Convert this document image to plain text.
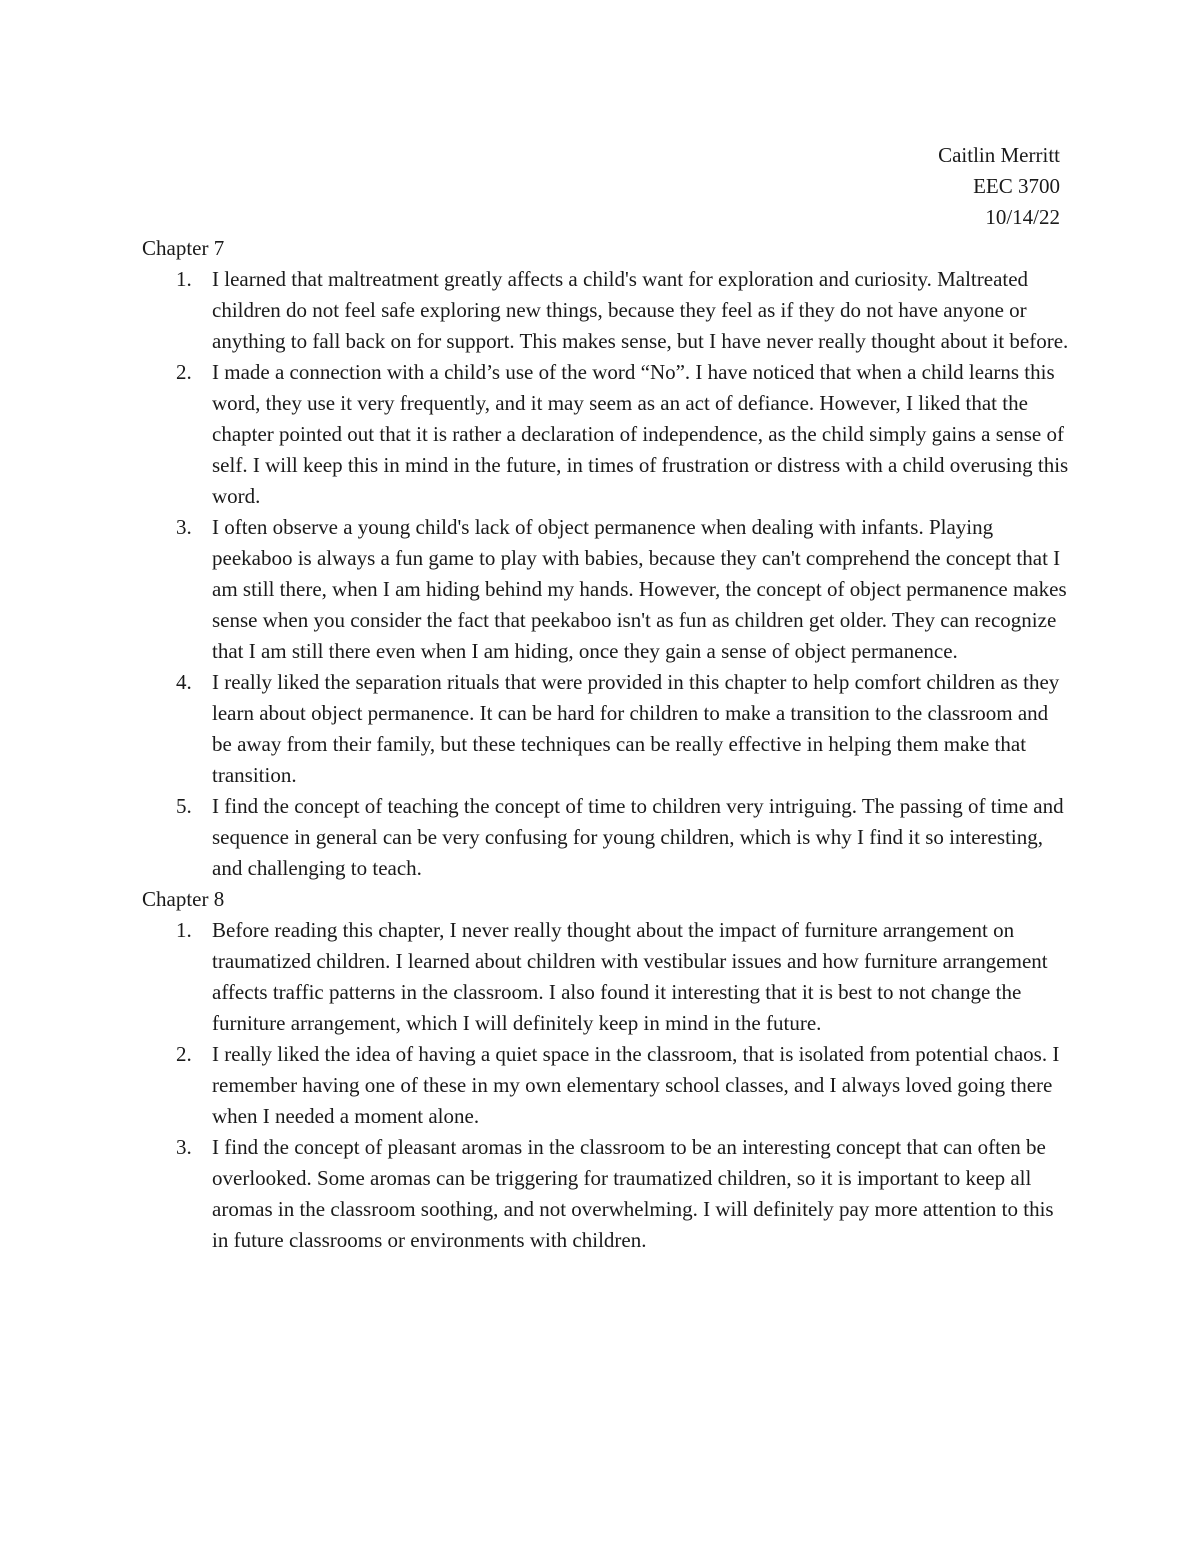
Caitlin Merritt
EEC 3700
10/14/22
Chapter 7
1. I learned that maltreatment greatly affects a child's want for exploration and curiosity. Maltreated children do not feel safe exploring new things, because they feel as if they do not have anyone or anything to fall back on for support. This makes sense, but I have never really thought about it before.
2. I made a connection with a child’s use of the word “No”. I have noticed that when a child learns this word, they use it very frequently, and it may seem as an act of defiance. However, I liked that the chapter pointed out that it is rather a declaration of independence, as the child simply gains a sense of self. I will keep this in mind in the future, in times of frustration or distress with a child overusing this word.
3. I often observe a young child's lack of object permanence when dealing with infants. Playing peekaboo is always a fun game to play with babies, because they can't comprehend the concept that I am still there, when I am hiding behind my hands. However, the concept of object permanence makes sense when you consider the fact that peekaboo isn't as fun as children get older. They can recognize that I am still there even when I am hiding, once they gain a sense of object permanence.
4. I really liked the separation rituals that were provided in this chapter to help comfort children as they learn about object permanence. It can be hard for children to make a transition to the classroom and be away from their family, but these techniques can be really effective in helping them make that transition.
5. I find the concept of teaching the concept of time to children very intriguing. The passing of time and sequence in general can be very confusing for young children, which is why I find it so interesting, and challenging to teach.
Chapter 8
1. Before reading this chapter, I never really thought about the impact of furniture arrangement on traumatized children. I learned about children with vestibular issues and how furniture arrangement affects traffic patterns in the classroom. I also found it interesting that it is best to not change the furniture arrangement, which I will definitely keep in mind in the future.
2. I really liked the idea of having a quiet space in the classroom, that is isolated from potential chaos. I remember having one of these in my own elementary school classes, and I always loved going there when I needed a moment alone.
3. I find the concept of pleasant aromas in the classroom to be an interesting concept that can often be overlooked. Some aromas can be triggering for traumatized children, so it is important to keep all aromas in the classroom soothing, and not overwhelming. I will definitely pay more attention to this in future classrooms or environments with children.
